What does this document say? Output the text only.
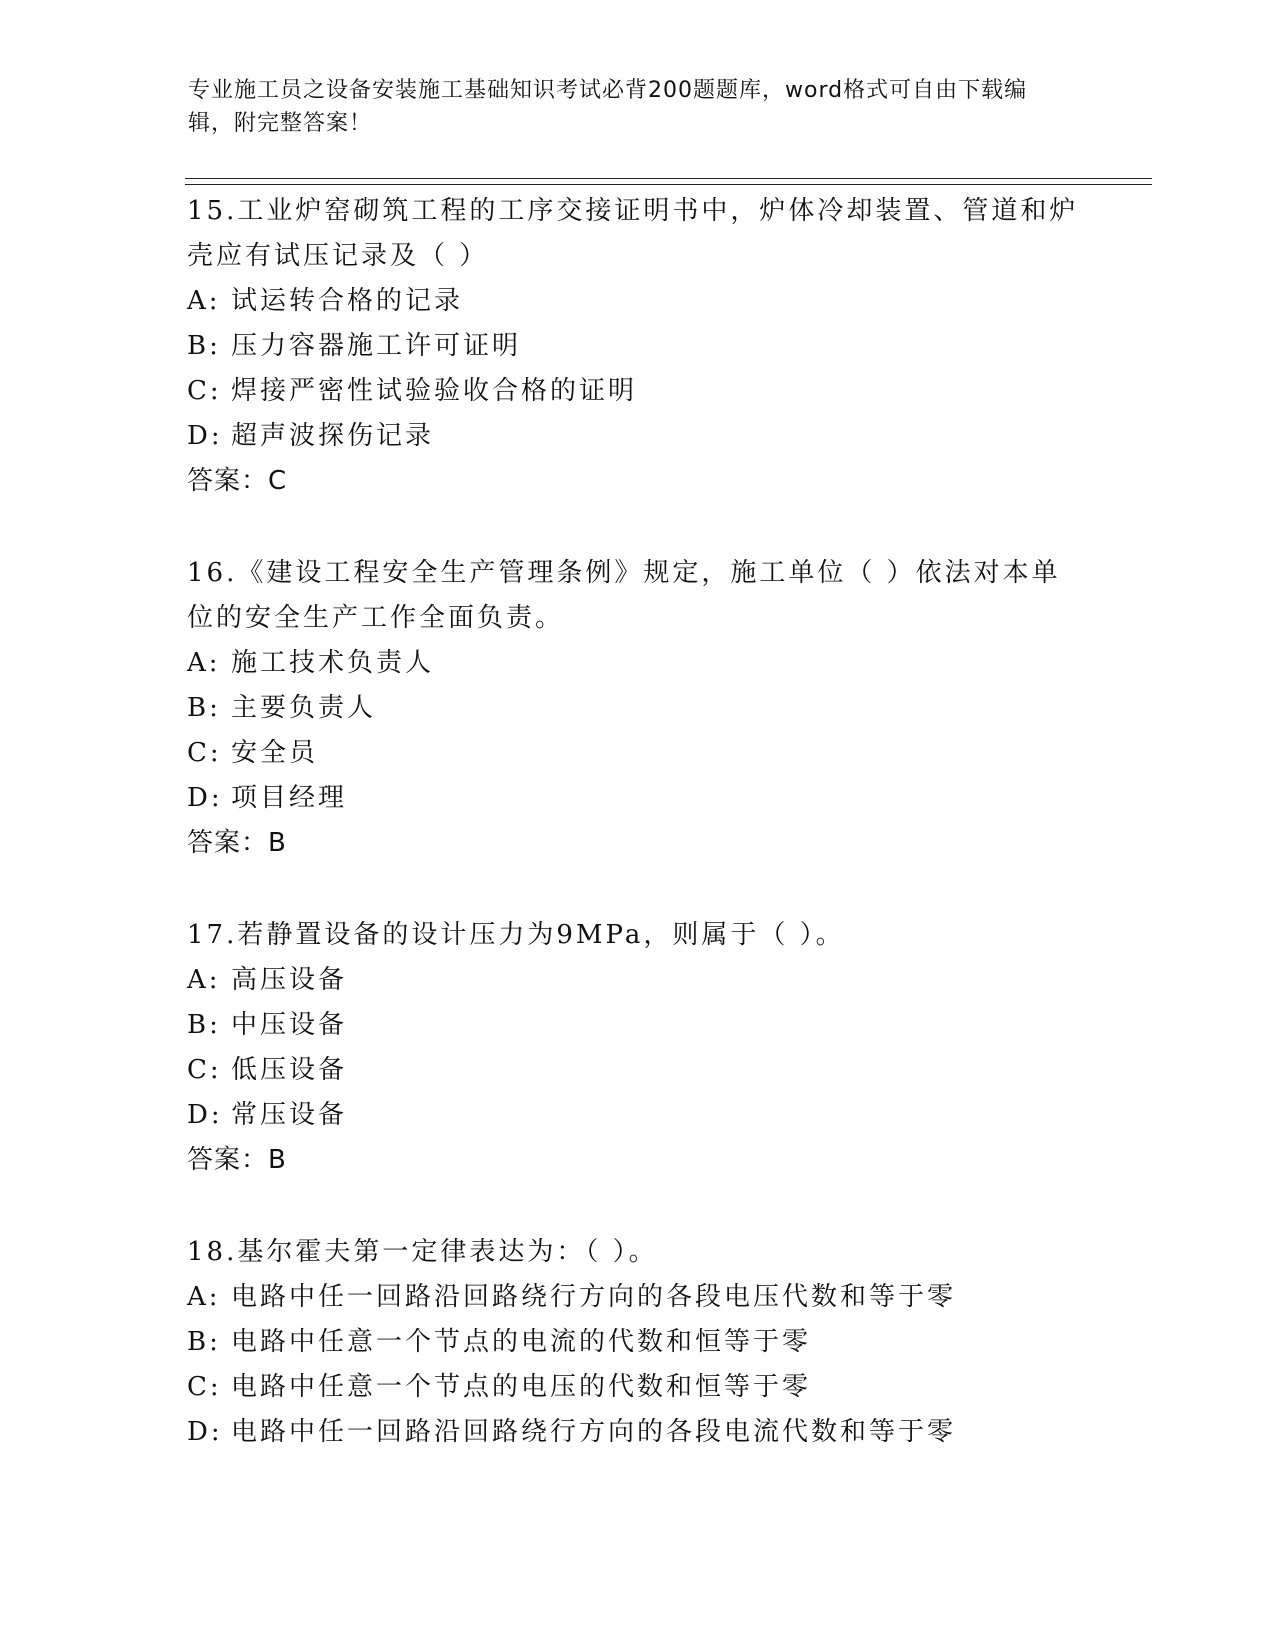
专业施工员之设备安装施工基础知识考试必背200题题库，word格式可自由下载编辑，附完整答案！
15.工业炉窑砌筑工程的工序交接证明书中，炉体冷却装置、管道和炉壳应有试压记录及（ ）
A: 试运转合格的记录
B: 压力容器施工许可证明
C: 焊接严密性试验验收合格的证明
D: 超声波探伤记录
答案：C
16.《建设工程安全生产管理条例》规定，施工单位（ ）依法对本单位的安全生产工作全面负责。
A: 施工技术负责人
B: 主要负责人
C: 安全员
D: 项目经理
答案：B
17.若静置设备的设计压力为9MPa，则属于（ ）。
A: 高压设备
B: 中压设备
C: 低压设备
D: 常压设备
答案：B
18.基尔霍夫第一定律表达为：（ ）。
A: 电路中任一回路沿回路绕行方向的各段电压代数和等于零
B: 电路中任意一个节点的电流的代数和恒等于零
C: 电路中任意一个节点的电压的代数和恒等于零
D: 电路中任一回路沿回路绕行方向的各段电流代数和等于零
